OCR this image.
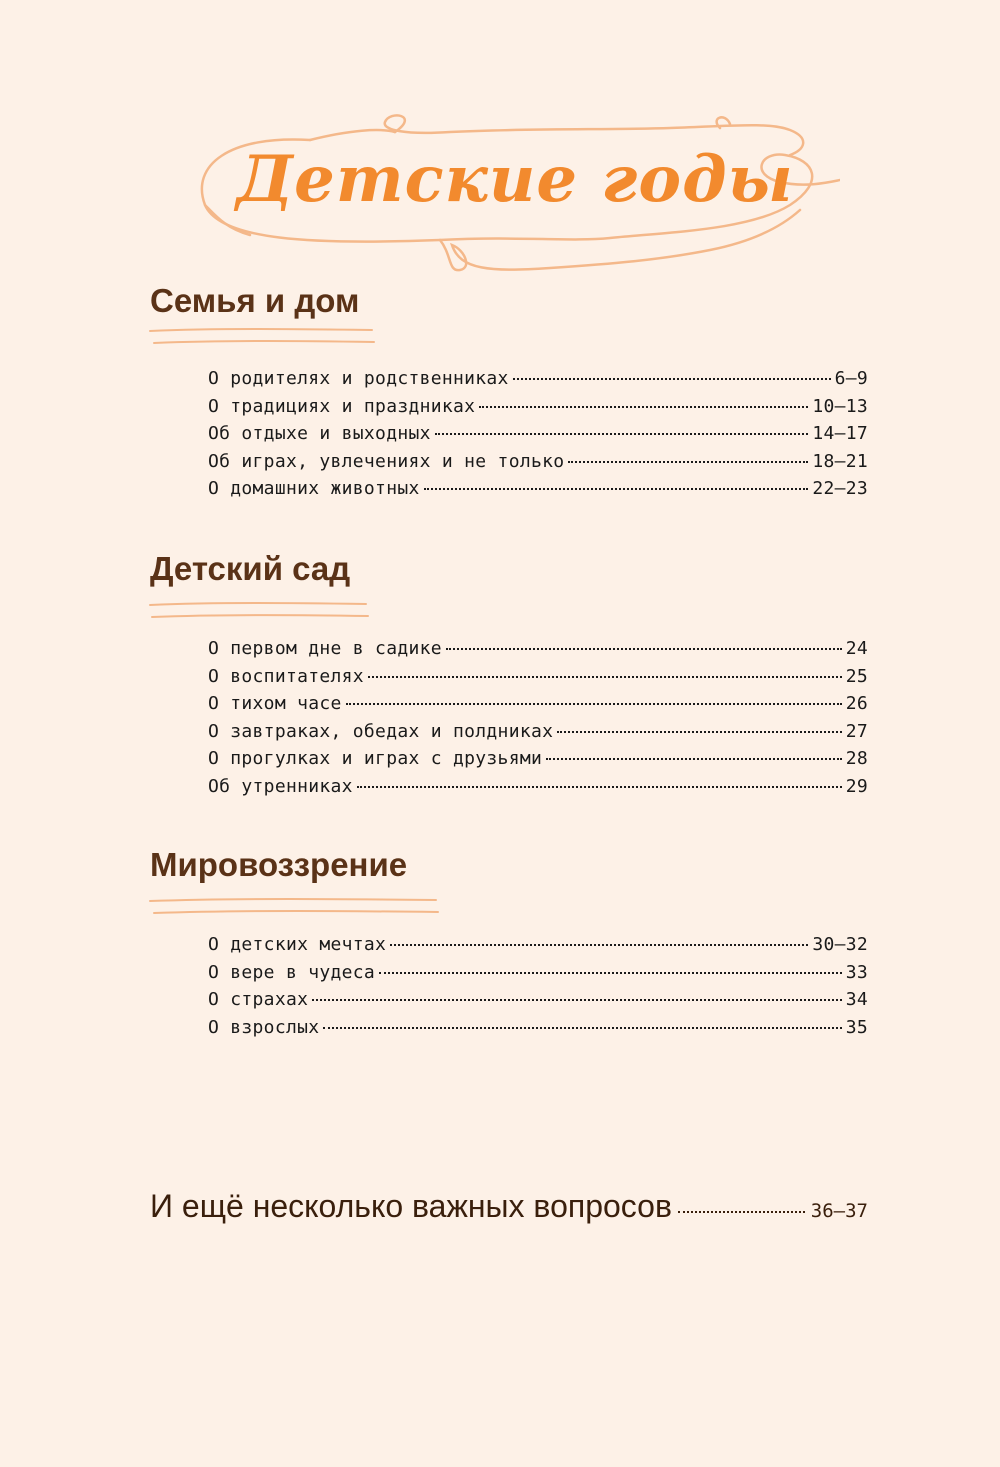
Детские годы
Семья и дом
О родителях и родственниках	6–9
О традициях и праздниках	10–13
Об отдыхе и выходных	14–17
Об играх, увлечениях и не только	18–21
О домашних животных	22–23
Детский сад
О первом дне в садике	24
О воспитателях	25
О тихом часе	26
О завтраках, обедах и полдниках	27
О прогулках и играх с друзьями	28
Об утренниках	29
Мировоззрение
О детских мечтах	30–32
О вере в чудеса	33
О страхах	34
О взрослых	35
И ещё несколько важных вопросов	36–37
